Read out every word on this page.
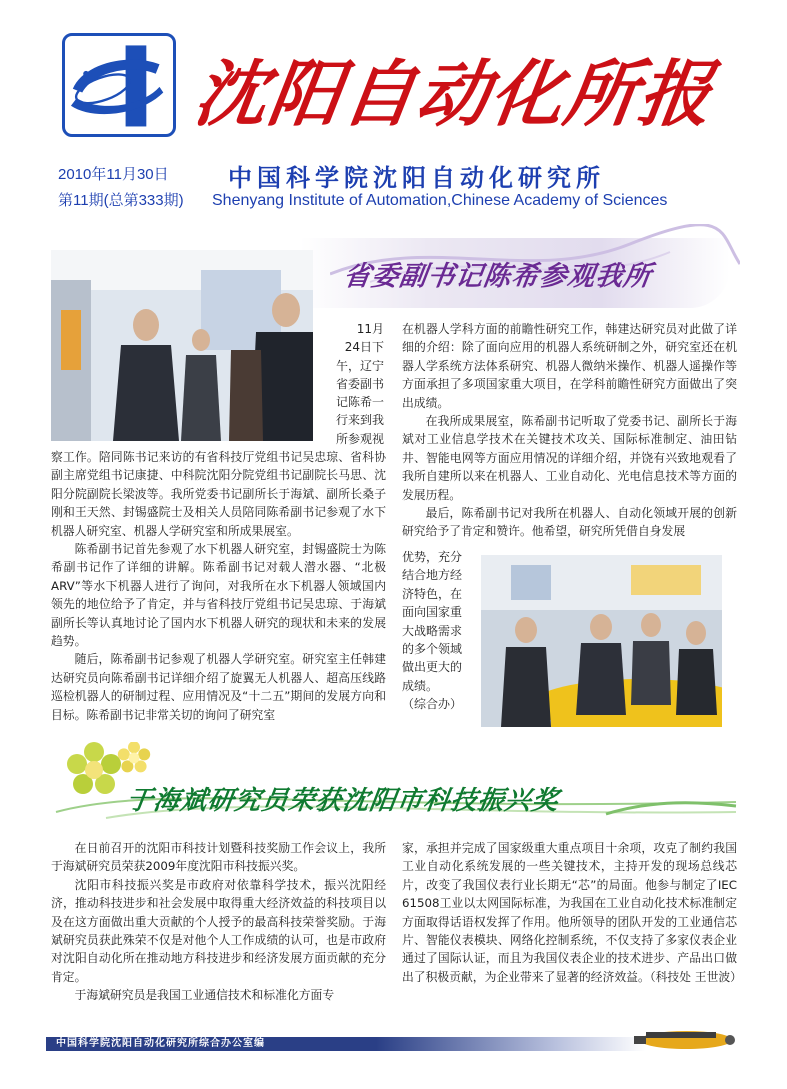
沈阳自动化所报
2010年11月30日
第11期(总第333期)
中国科学院沈阳自动化研究所
Shenyang Institute of Automation,Chinese Academy of Sciences
省委副书记陈希参观我所
11月
24日下
午，辽宁
省委副书
记陈希一
行来到我
所参观视

察工作。陪同陈书记来访的有省科技厅党组书记吴忠琼、省科协副主席党组书记康捷、中科院沈阳分院党组书记副院长马思、沈阳分院副院长梁波等。我所党委书记副所长于海斌、副所长桑子刚和王天然、封锡盛院士及相关人员陪同陈希副书记参观了水下机器人研究室、机器人学研究室和所成果展室。

陈希副书记首先参观了水下机器人研究室，封锡盛院士为陈希副书记作了详细的讲解。陈希副书记对载人潜水器、“北极ARV”等水下机器人进行了询问，对我所在水下机器人领域国内领先的地位给予了肯定，并与省科技厅党组书记吴忠琼、于海斌副所长等认真地讨论了国内水下机器人研究的现状和未来的发展趋势。

随后，陈希副书记参观了机器人学研究室。研究室主任韩建达研究员向陈希副书记详细介绍了旋翼无人机器人、超高压线路巡检机器人的研制过程、应用情况及“十二五”期间的发展方向和目标。陈希副书记非常关切的询问了研究室

在机器人学科方面的前瞻性研究工作，韩建达研究员对此做了详细的介绍：除了面向应用的机器人系统研制之外，研究室还在机器人学系统方法体系研究、机器人微纳米操作、机器人遥操作等方面承担了多项国家重大项目，在学科前瞻性研究方面做出了突出成绩。

在我所成果展室，陈希副书记听取了党委书记、副所长于海斌对工业信息学技术在关键技术攻关、国际标准制定、油田钻井、智能电网等方面应用情况的详细介绍，并饶有兴致地观看了我所自建所以来在机器人、工业自动化、光电信息技术等方面的发展历程。

最后，陈希副书记对我所在机器人、自动化领域开展的创新研究给予了肯定和赞许。他希望，研究所凭借自身发展

优势，充分
结合地方经
济特色，在
面向国家重
大战略需求
的多个领域
做出更大的
成绩。
（综合办）
于海斌研究员荣获沈阳市科技振兴奖

在日前召开的沈阳市科技计划暨科技奖励工作会议上，我所于海斌研究员荣获2009年度沈阳市科技振兴奖。

沈阳市科技振兴奖是市政府对依靠科学技术，振兴沈阳经济，推动科技进步和社会发展中取得重大经济效益的科技项目以及在这方面做出重大贡献的个人授予的最高科技荣誉奖励。于海斌研究员获此殊荣不仅是对他个人工作成绩的认可，也是市政府对沈阳自动化所在推动地方科技进步和经济发展方面贡献的充分肯定。

于海斌研究员是我国工业通信技术和标准化方面专

家，承担并完成了国家级重大重点项目十余项，攻克了制约我国工业自动化系统发展的一些关键技术，主持开发的现场总线芯片，改变了我国仪表行业长期无“芯”的局面。他参与制定了IEC 61508工业以太网国际标准，为我国在工业自动化技术标准制定方面取得话语权发挥了作用。他所领导的团队开发的工业通信芯片、智能仪表模块、网络化控制系统，不仅支持了多家仪表企业通过了国际认证，而且为我国仪表企业的技术进步、产品出口做出了积极贡献，为企业带来了显著的经济效益。（科技处 王世波）

中国科学院沈阳自动化研究所综合办公室编
